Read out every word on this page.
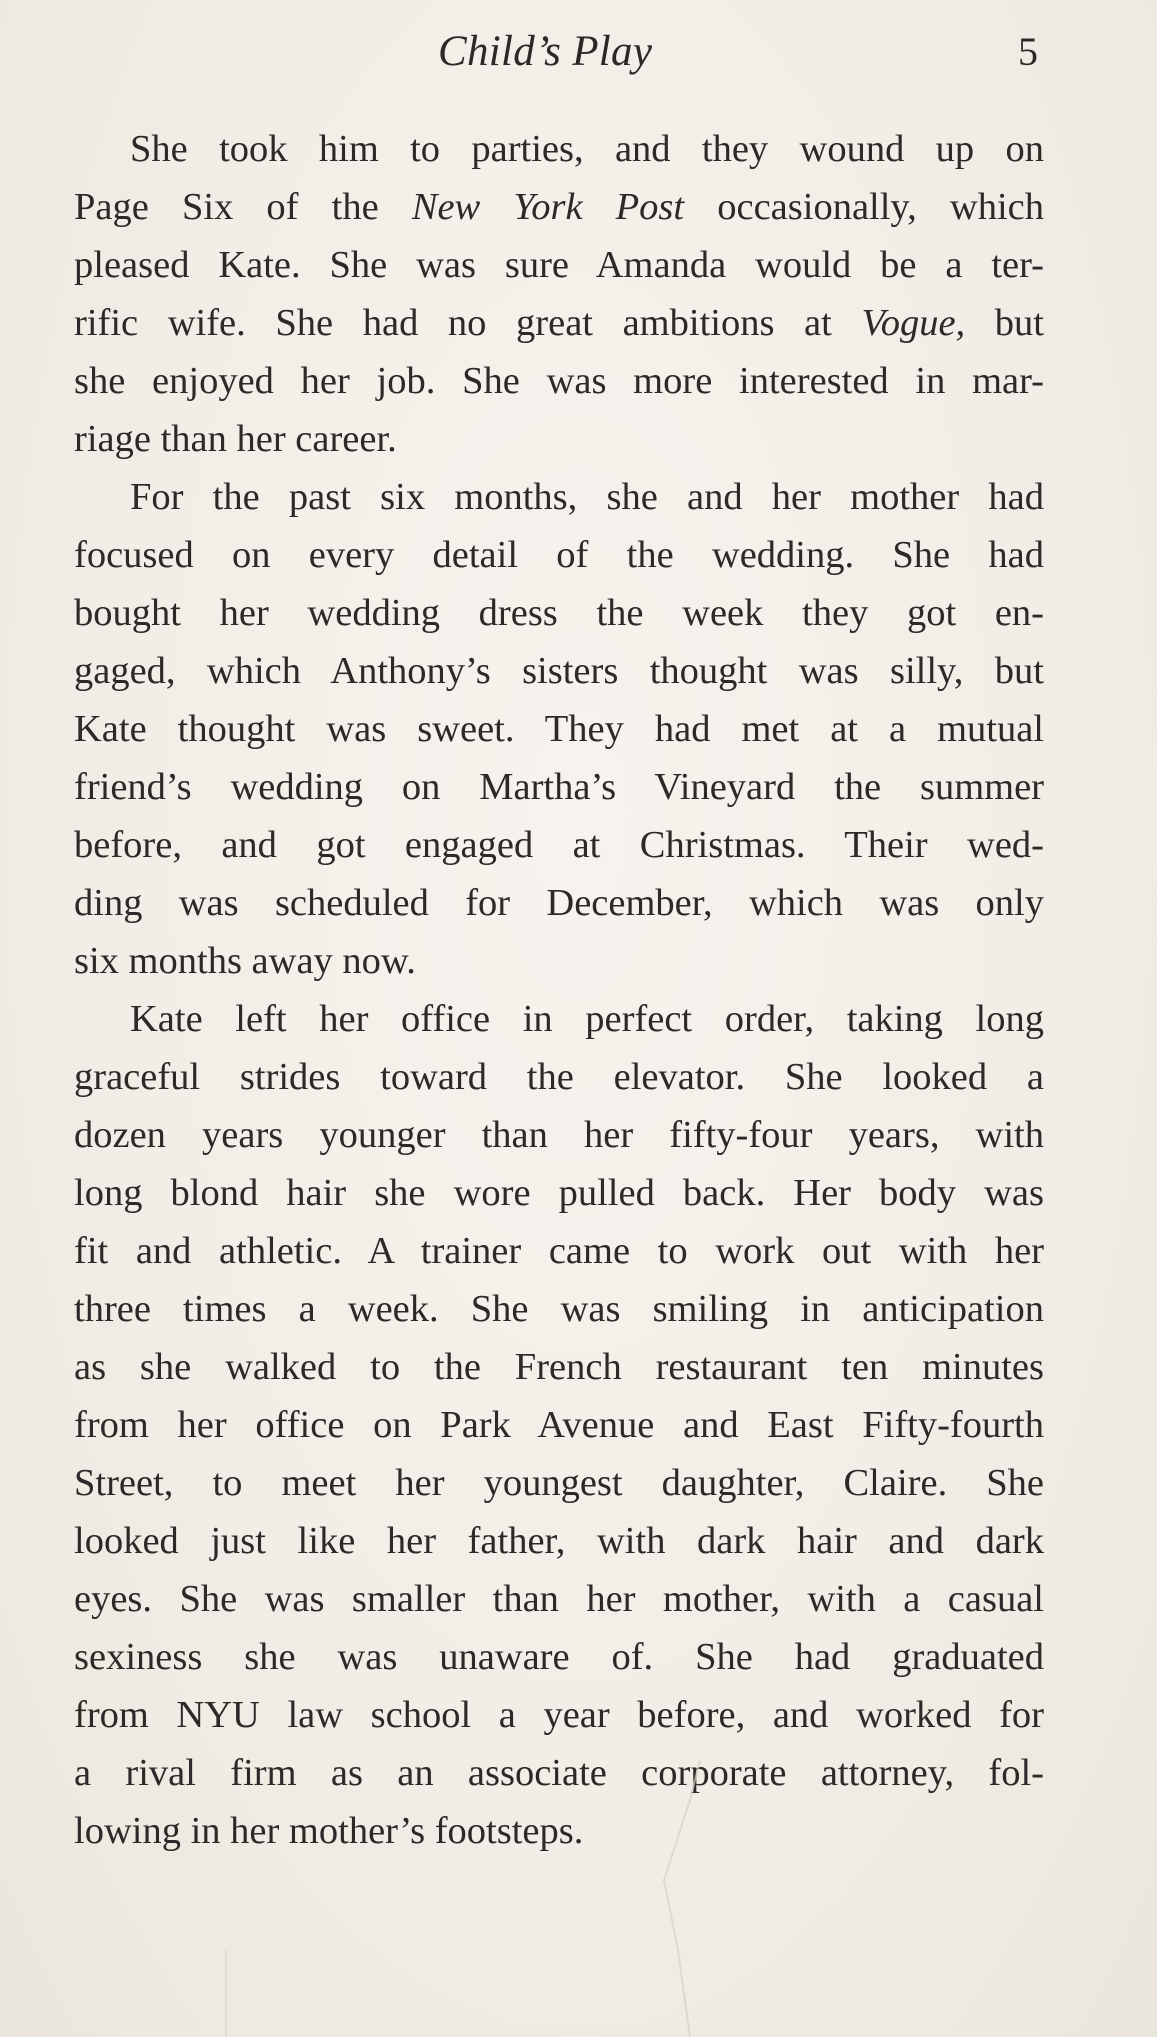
Child’s Play	5
She took him to parties, and they wound up on
Page Six of the New York Post occasionally, which
pleased Kate. She was sure Amanda would be a ter-
rific wife. She had no great ambitions at Vogue, but
she enjoyed her job. She was more interested in mar-
riage than her career.
For the past six months, she and her mother had
focused on every detail of the wedding. She had
bought her wedding dress the week they got en-
gaged, which Anthony’s sisters thought was silly, but
Kate thought was sweet. They had met at a mutual
friend’s wedding on Martha’s Vineyard the summer
before, and got engaged at Christmas. Their wed-
ding was scheduled for December, which was only
six months away now.
Kate left her office in perfect order, taking long
graceful strides toward the elevator. She looked a
dozen years younger than her fifty-four years, with
long blond hair she wore pulled back. Her body was
fit and athletic. A trainer came to work out with her
three times a week. She was smiling in anticipation
as she walked to the French restaurant ten minutes
from her office on Park Avenue and East Fifty-fourth
Street, to meet her youngest daughter, Claire. She
looked just like her father, with dark hair and dark
eyes. She was smaller than her mother, with a casual
sexiness she was unaware of. She had graduated
from NYU law school a year before, and worked for
a rival firm as an associate corporate attorney, fol-
lowing in her mother’s footsteps.
